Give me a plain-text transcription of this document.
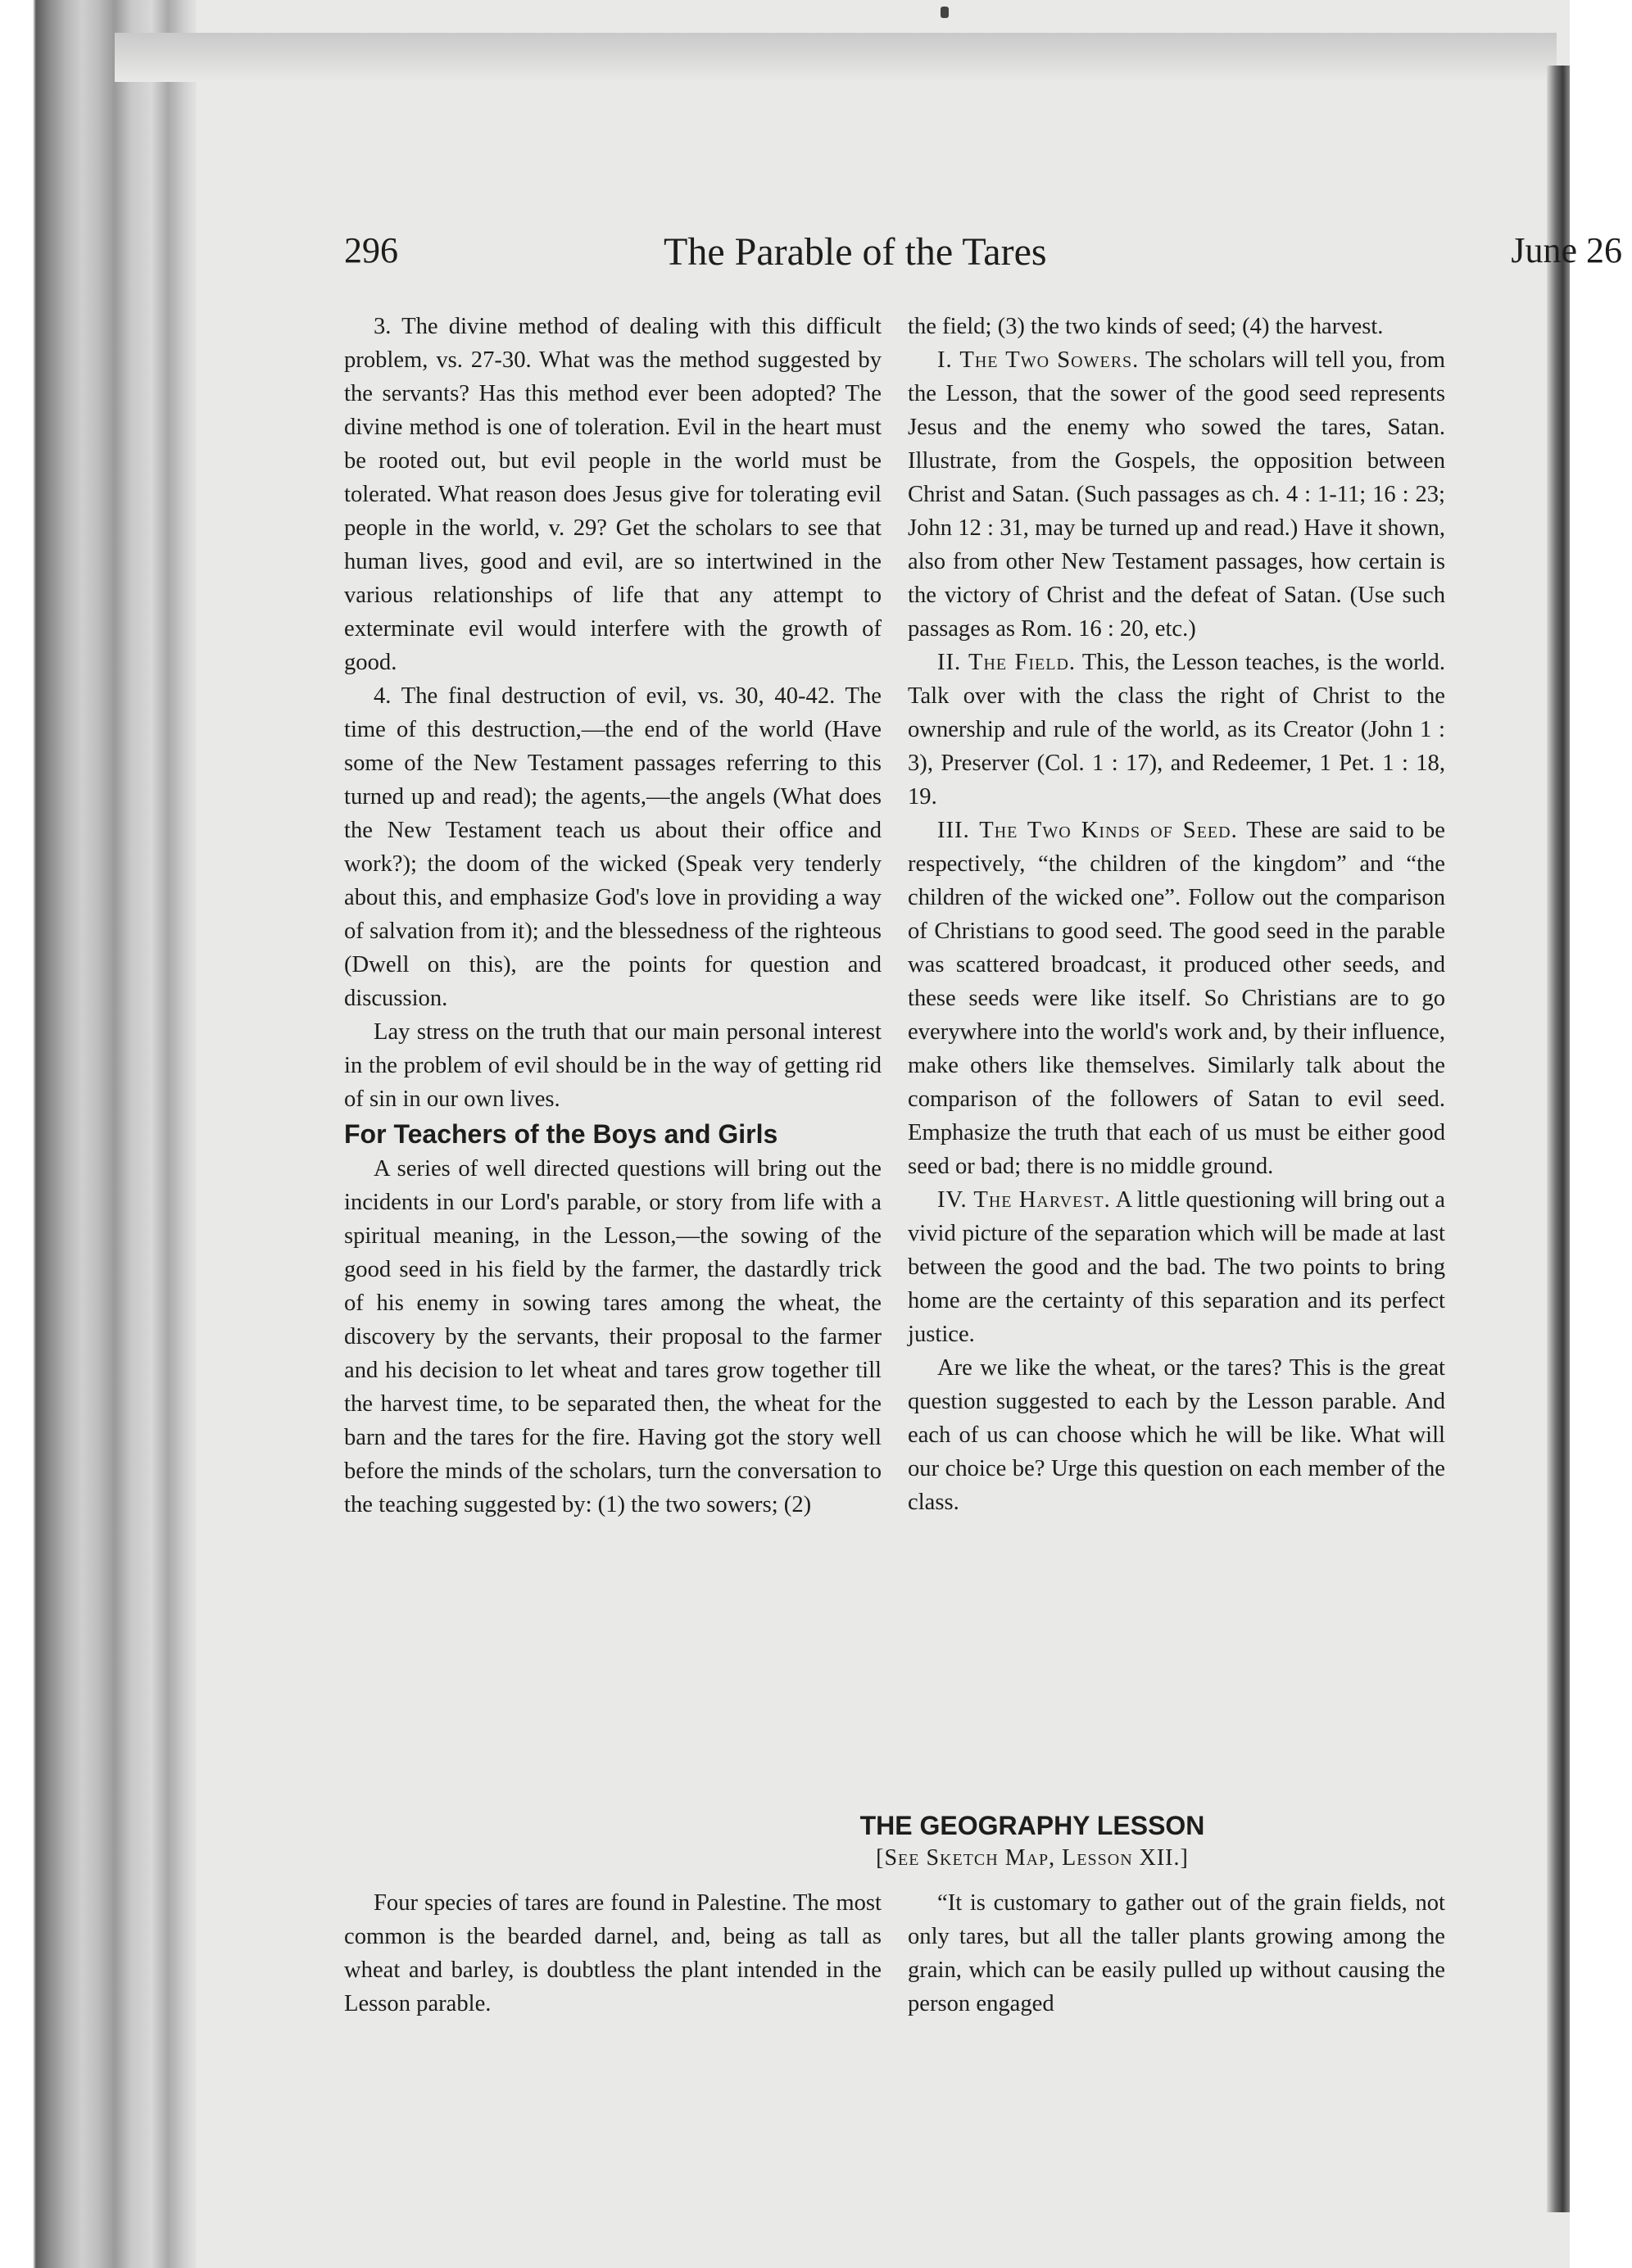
296	The Parable of the Tares	June 26

3. The divine method of dealing with this difficult problem, vs. 27-30. What was the method suggested by the servants? Has this method ever been adopted? The divine method is one of toleration. Evil in the heart must be rooted out, but evil people in the world must be tolerated. What reason does Jesus give for tolerating evil people in the world, v. 29? Get the scholars to see that human lives, good and evil, are so intertwined in the various relationships of life that any attempt to exterminate evil would interfere with the growth of good.

4. The final destruction of evil, vs. 30, 40-42. The time of this destruction,—the end of the world (Have some of the New Testament passages referring to this turned up and read); the agents,—the angels (What does the New Testament teach us about their office and work?); the doom of the wicked (Speak very tenderly about this, and emphasize God's love in providing a way of salvation from it); and the blessedness of the righteous (Dwell on this), are the points for question and discussion.

Lay stress on the truth that our main personal interest in the problem of evil should be in the way of getting rid of sin in our own lives.

For Teachers of the Boys and Girls

A series of well directed questions will bring out the incidents in our Lord's parable, or story from life with a spiritual meaning, in the Lesson,—the sowing of the good seed in his field by the farmer, the dastardly trick of his enemy in sowing tares among the wheat, the discovery by the servants, their proposal to the farmer and his decision to let wheat and tares grow together till the harvest time, to be separated then, the wheat for the barn and the tares for the fire. Having got the story well before the minds of the scholars, turn the conversation to the teaching suggested by: (1) the two sowers; (2)

the field; (3) the two kinds of seed; (4) the harvest.

I. The Two Sowers. The scholars will tell you, from the Lesson, that the sower of the good seed represents Jesus and the enemy who sowed the tares, Satan. Illustrate, from the Gospels, the opposition between Christ and Satan. (Such passages as ch. 4 : 1-11; 16 : 23; John 12 : 31, may be turned up and read.) Have it shown, also from other New Testament passages, how certain is the victory of Christ and the defeat of Satan. (Use such passages as Rom. 16 : 20, etc.)

II. The Field. This, the Lesson teaches, is the world. Talk over with the class the right of Christ to the ownership and rule of the world, as its Creator (John 1 : 3), Preserver (Col. 1 : 17), and Redeemer, 1 Pet. 1 : 18, 19.

III. The Two Kinds of Seed. These are said to be respectively, “the children of the kingdom” and “the children of the wicked one”. Follow out the comparison of Christians to good seed. The good seed in the parable was scattered broadcast, it produced other seeds, and these seeds were like itself. So Christians are to go everywhere into the world's work and, by their influence, make others like themselves. Similarly talk about the comparison of the followers of Satan to evil seed. Emphasize the truth that each of us must be either good seed or bad; there is no middle ground.

IV. The Harvest. A little questioning will bring out a vivid picture of the separation which will be made at last between the good and the bad. The two points to bring home are the certainty of this separation and its perfect justice.

Are we like the wheat, or the tares? This is the great question suggested to each by the Lesson parable. And each of us can choose which he will be like. What will our choice be? Urge this question on each member of the class.

THE GEOGRAPHY LESSON
[See Sketch Map, Lesson XII.]

Four species of tares are found in Palestine. The most common is the bearded darnel, and, being as tall as wheat and barley, is doubtless the plant intended in the Lesson parable.

“It is customary to gather out of the grain fields, not only tares, but all the taller plants growing among the grain, which can be easily pulled up without causing the person engaged
